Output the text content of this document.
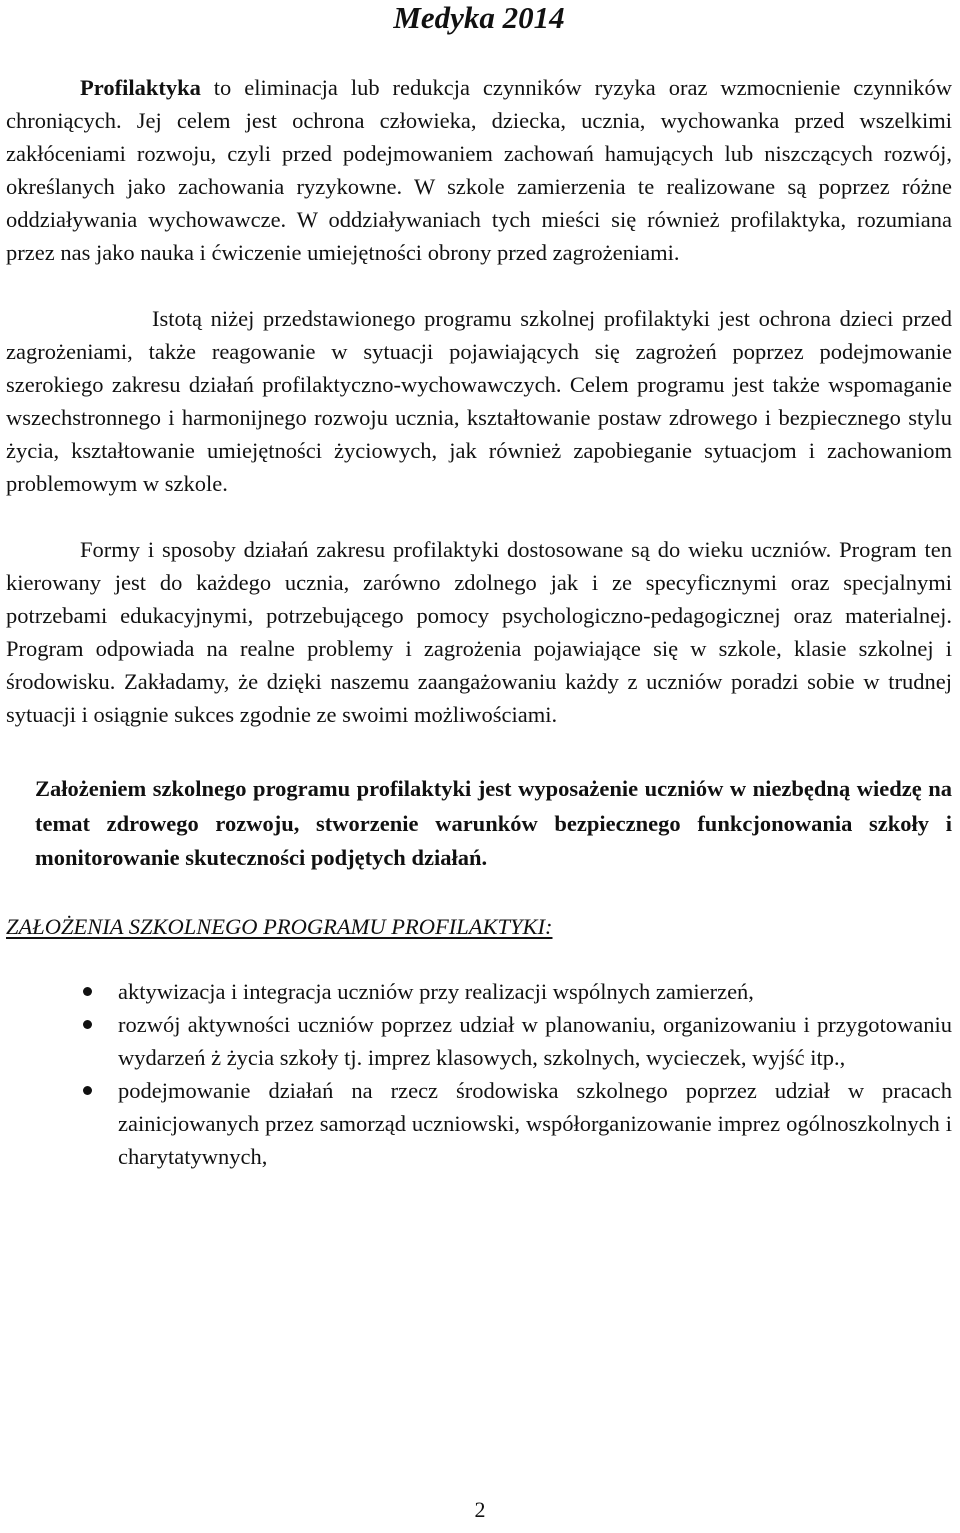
Medyka 2014

Profilaktyka to eliminacja lub redukcja czynników ryzyka oraz wzmocnienie czynników chroniących. Jej celem jest ochrona człowieka, dziecka, ucznia, wychowanka przed wszelkimi zakłóceniami rozwoju, czyli przed podejmowaniem zachowań hamujących lub niszczących rozwój, określanych jako zachowania ryzykowne. W szkole zamierzenia te realizowane są poprzez różne oddziaływania wychowawcze. W oddziaływaniach tych mieści się również profilaktyka, rozumiana przez nas jako nauka i ćwiczenie umiejętności obrony przed zagrożeniami.

Istotą niżej przedstawionego programu szkolnej profilaktyki jest ochrona dzieci przed zagrożeniami, także reagowanie w sytuacji pojawiających się zagrożeń poprzez podejmowanie szerokiego zakresu działań profilaktyczno-wychowawczych. Celem programu jest także wspomaganie wszechstronnego i harmonijnego rozwoju ucznia, kształtowanie postaw zdrowego i bezpiecznego stylu życia, kształtowanie umiejętności życiowych, jak również zapobieganie sytuacjom i zachowaniom problemowym w szkole.

Formy i sposoby działań zakresu profilaktyki dostosowane są do wieku uczniów. Program ten kierowany jest do każdego ucznia, zarówno zdolnego jak i ze specyficznymi oraz specjalnymi potrzebami edukacyjnymi, potrzebującego pomocy psychologiczno-pedagogicznej oraz materialnej. Program odpowiada na realne problemy i zagrożenia pojawiające się w szkole, klasie szkolnej i środowisku. Zakładamy, że dzięki naszemu zaangażowaniu każdy z uczniów poradzi sobie w trudnej sytuacji i osiągnie sukces zgodnie ze swoimi możliwościami.

Założeniem szkolnego programu profilaktyki jest wyposażenie uczniów w niezbędną wiedzę na temat zdrowego rozwoju, stworzenie warunków bezpiecznego funkcjonowania szkoły i monitorowanie skuteczności podjętych działań.

ZAŁOŻENIA SZKOLNEGO PROGRAMU PROFILAKTYKI:
aktywizacja i integracja uczniów przy realizacji wspólnych zamierzeń,
rozwój aktywności uczniów poprzez udział w planowaniu, organizowaniu i przygotowaniu wydarzeń ż życia szkoły tj. imprez klasowych, szkolnych, wycieczek, wyjść itp.,
podejmowanie działań na rzecz środowiska szkolnego poprzez udział w pracach zainicjowanych przez samorząd uczniowski, współorganizowanie imprez ogólnoszkolnych i charytatywnych,
2
